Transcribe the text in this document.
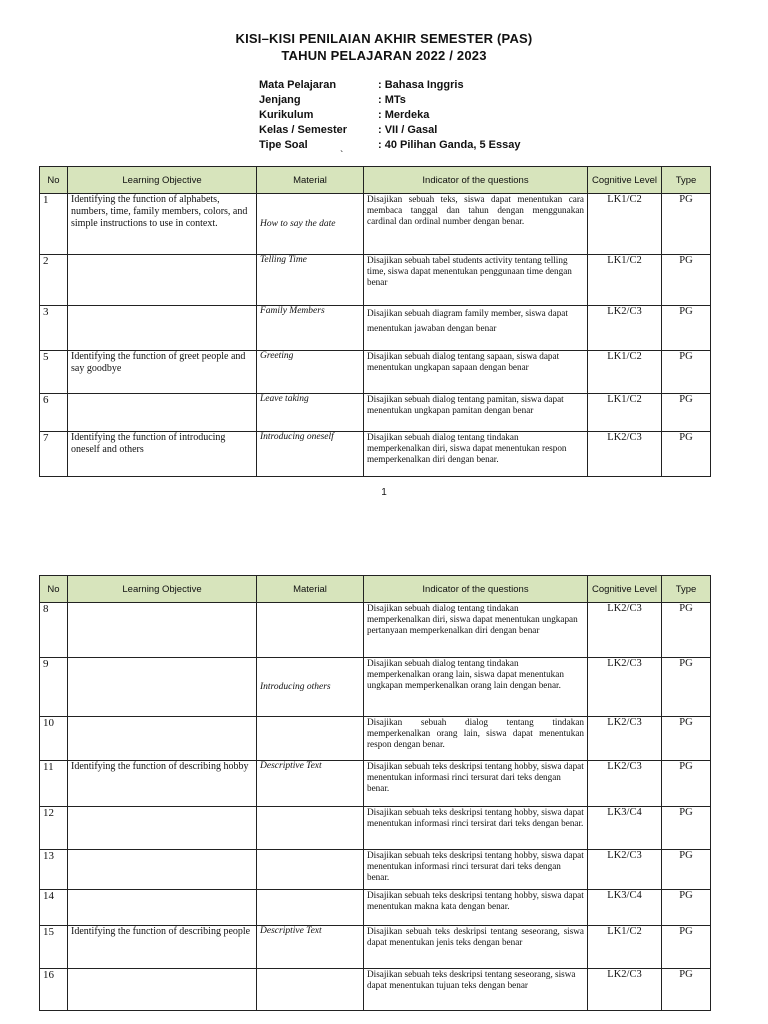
KISI–KISI PENILAIAN AKHIR SEMESTER (PAS)
TAHUN PELAJARAN 2022 / 2023
Mata Pelajaran	: Bahasa Inggris
Jenjang	: MTs
Kurikulum	: Merdeka
Kelas / Semester	: VII / Gasal
Tipe Soal	: 40 Pilihan Ganda, 5 Essay
`
No	Learning Objective	Material	Indicator of the questions	Cognitive Level	Type
1	Identifying the function of alphabets, numbers, time, family members, colors, and simple instructions to use in context.	How to say the date	Disajikan sebuah teks, siswa dapat menentukan cara membaca tanggal dan tahun dengan menggunakan cardinal dan ordinal number dengan benar.	LK1/C2	PG
2		Telling Time	Disajikan sebuah tabel students activity tentang telling time, siswa dapat menentukan penggunaan time dengan benar	LK1/C2	PG
3		Family Members	Disajikan sebuah diagram family member, siswa dapat menentukan jawaban dengan benar	LK2/C3	PG
5	Identifying the function of greet people and say goodbye	Greeting	Disajikan sebuah dialog tentang sapaan, siswa dapat menentukan ungkapan sapaan dengan benar	LK1/C2	PG
6		Leave taking	Disajikan sebuah dialog tentang pamitan, siswa dapat menentukan ungkapan pamitan dengan benar	LK1/C2	PG
7	Identifying the function of introducing oneself and others	Introducing oneself	Disajikan sebuah dialog tentang tindakan memperkenalkan diri, siswa dapat menentukan respon memperkenalkan diri dengan benar.	LK2/C3	PG
1
No	Learning Objective	Material	Indicator of the questions	Cognitive Level	Type
8			Disajikan sebuah dialog tentang tindakan memperkenalkan diri, siswa dapat menentukan ungkapan pertanyaan memperkenalkan diri dengan benar	LK2/C3	PG
9		Introducing others	Disajikan sebuah dialog tentang tindakan memperkenalkan orang lain, siswa dapat menentukan ungkapan memperkenalkan orang lain dengan benar.	LK2/C3	PG
10			Disajikan sebuah dialog tentang tindakan memperkenalkan orang lain, siswa dapat menentukan respon dengan benar.	LK2/C3	PG
11	Identifying the function of describing hobby	Descriptive Text	Disajikan sebuah teks deskripsi tentang hobby, siswa dapat menentukan informasi rinci tersurat dari teks dengan benar.	LK2/C3	PG
12			Disajikan sebuah teks deskripsi tentang hobby, siswa dapat menentukan informasi rinci tersirat dari teks dengan benar.	LK3/C4	PG
13			Disajikan sebuah teks deskripsi tentang hobby, siswa dapat menentukan informasi rinci tersurat dari teks dengan benar.	LK2/C3	PG
14			Disajikan sebuah teks deskripsi tentang hobby, siswa dapat menentukan makna kata dengan benar.	LK3/C4	PG
15	Identifying the function of describing people	Descriptive Text	Disajikan sebuah teks deskripsi tentang seseorang, siswa dapat menentukan jenis teks dengan benar	LK1/C2	PG
16			Disajikan sebuah teks deskripsi tentang seseorang, siswa dapat menentukan tujuan teks dengan benar	LK2/C3	PG
